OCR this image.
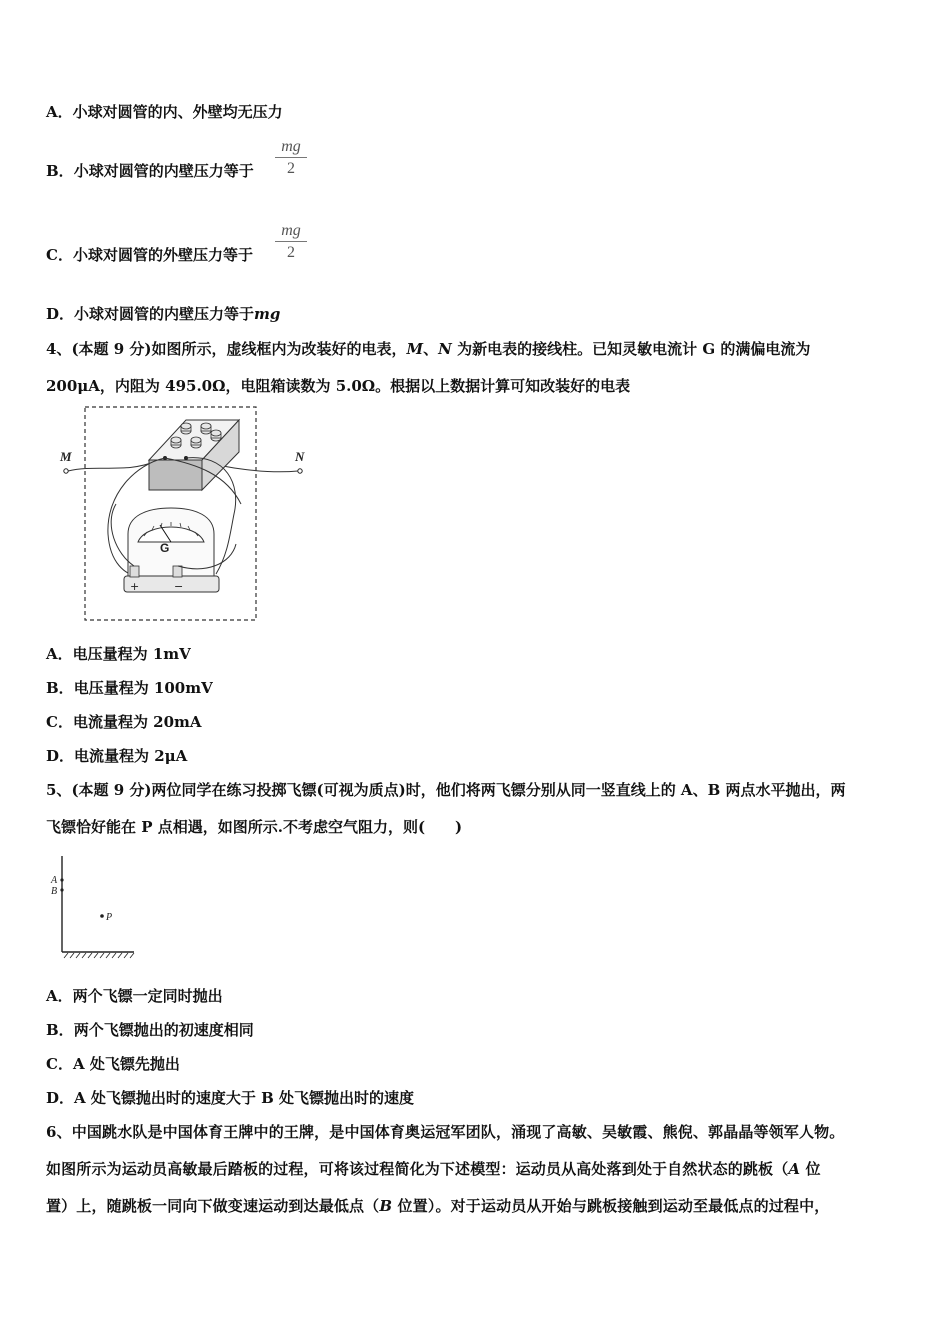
A．小球对圆管的内、外壁均无压力
B．小球对圆管的内壁压力等于 $\frac{mg}{2}$
C．小球对圆管的外壁压力等于 $\frac{mg}{2}$
D．小球对圆管的内壁压力等于mg
4、(本题 9 分)如图所示，虚线框内为改装好的电表，M、N 为新电表的接线柱。已知灵敏电流计 G 的满偏电流为
200μA，内阻为 495.0Ω，电阻箱读数为 5.0Ω。根据以上数据计算可知改装好的电表
M	N
G
+	−
A．电压量程为 1mV
B．电压量程为 100mV
C．电流量程为 20mA
D．电流量程为 2μA
5、(本题 9 分)两位同学在练习投掷飞镖(可视为质点)时，他们将两飞镖分别从同一竖直线上的 A、B 两点水平抛出，两
飞镖恰好能在 P 点相遇，如图所示.不考虑空气阻力，则(　　)
A
B
P
A．两个飞镖一定同时抛出
B．两个飞镖抛出的初速度相同
C．A 处飞镖先抛出
D．A 处飞镖抛出时的速度大于 B 处飞镖抛出时的速度
6、中国跳水队是中国体育王牌中的王牌，是中国体育奥运冠军团队，涌现了高敏、吴敏霞、熊倪、郭晶晶等领军人物。
如图所示为运动员高敏最后踏板的过程，可将该过程简化为下述模型：运动员从高处落到处于自然状态的跳板（A 位
置）上，随跳板一同向下做变速运动到达最低点（B 位置）。对于运动员从开始与跳板接触到运动至最低点的过程中，
